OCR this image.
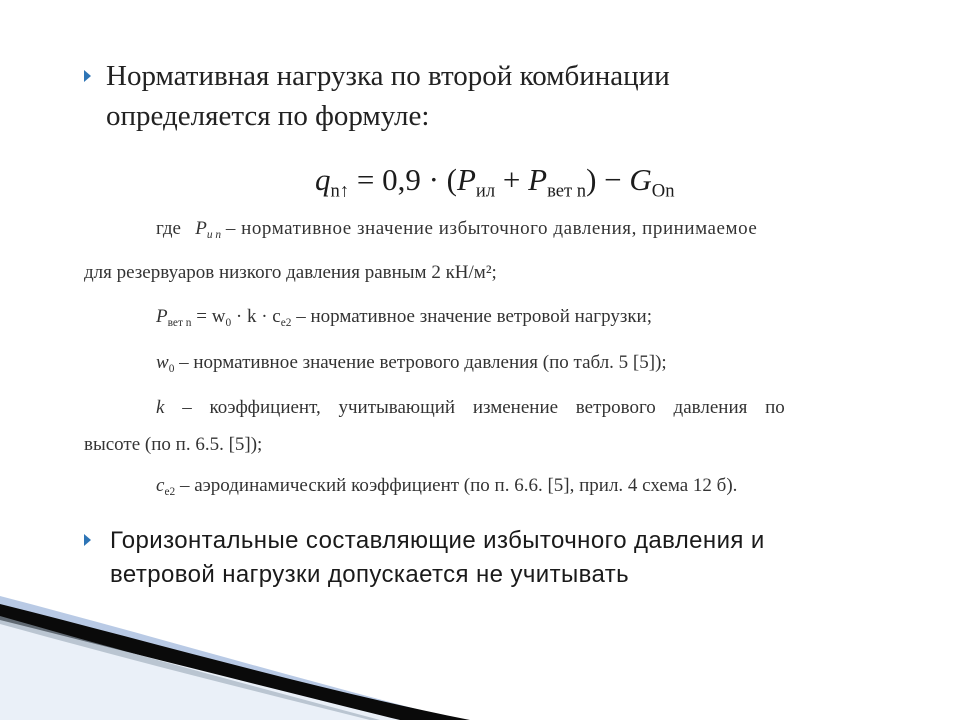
Нормативная нагрузка по второй комбинации
определяется по формуле:
$q_{n↑} = 0,9 \cdot (P_{ил} + P_{вет n}) - G_{On}$
где $P_{и n}$ – нормативное значение избыточного давления, принимаемое
для резервуаров низкого давления равным 2 кН/м²;
$P_{вет n} = w_0 \cdot k \cdot c_{e2}$ – нормативное значение ветровой нагрузки;
$w_0$ – нормативное значение ветрового давления (по табл. 5 [5]);
k – коэффициент, учитывающий изменение ветрового давления по
высоте (по п. 6.5. [5]);
$c_{e2}$ – аэродинамический коэффициент (по п. 6.6. [5], прил. 4 схема 12 б).
Горизонтальные составляющие избыточного давления и
ветровой нагрузки допускается не учитывать
